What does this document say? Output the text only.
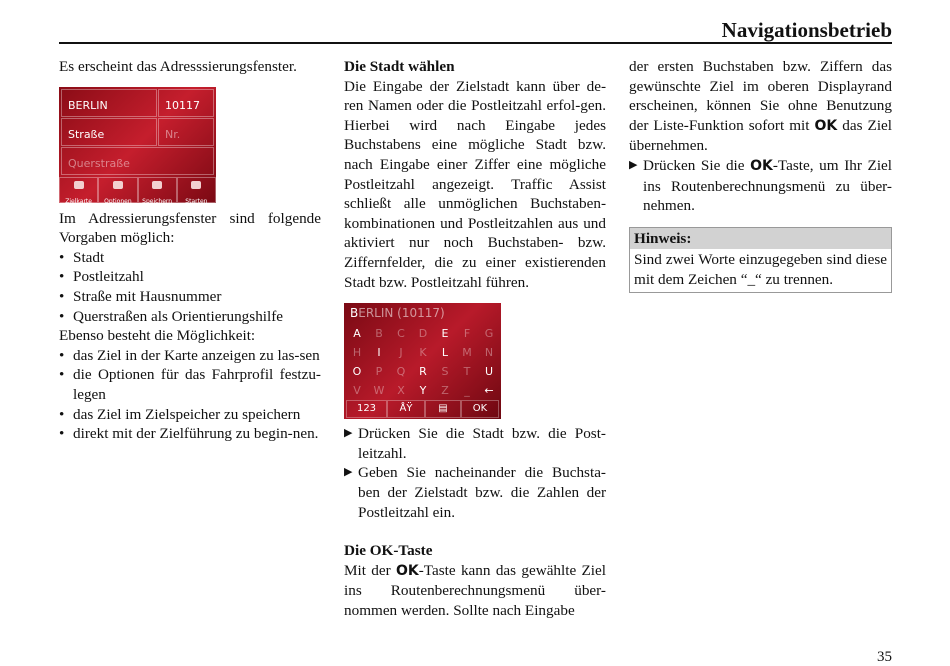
Navigationsbetrieb

Es erscheint das Adresssierungsfenster.

BERLIN	10117
Straße	Nr.
Querstraße
Zielkarte	Optionen	Speichern	Starten

Im Adressierungsfenster sind folgende Vorgaben möglich:

• Stadt
• Postleitzahl
• Straße mit Hausnummer
• Querstraßen als Orientierungshilfe

Ebenso besteht die Möglichkeit:

• das Ziel in der Karte anzeigen zu las-sen
• die Optionen für das Fahrprofil festzu-legen
• das Ziel im Zielspeicher zu speichern
• direkt mit der Zielführung zu begin-nen.
Die Stadt wählen

Die Eingabe der Zielstadt kann über de-ren Namen oder die Postleitzahl erfol-gen. Hierbei wird nach Eingabe jedes Buchstabens eine mögliche Stadt bzw. nach Eingabe einer Ziffer eine mögliche Postleitzahl angezeigt. Traffic Assist schließt alle unmöglichen Buchstaben-kombinationen und Postleitzahlen aus und aktiviert nur noch Buchstaben- bzw. Ziffernfelder, die zu einer existierenden Stadt bzw. Postleitzahl führen.

BERLIN (10117)
A	B	C	D	E	F	G
H	I	J	K	L	M	N
O	P	Q	R	S	T	U
V	W	X	Y	Z	_	←
123	ÅŸ	▤	OK
▶ Drücken Sie die Stadt bzw. die Post-leitzahl.
▶ Geben Sie nacheinander die Buchsta-ben der Zielstadt bzw. die Zahlen der Postleitzahl ein.
Die OK-Taste

Mit der OK-Taste kann das gewählte Ziel ins Routenberechnungsmenü über-nommen werden. Sollte nach Eingabe

der ersten Buchstaben bzw. Ziffern das gewünschte Ziel im oberen Displayrand erscheinen, können Sie ohne Benutzung der Liste-Funktion sofort mit OK das Ziel übernehmen.

▶ Drücken Sie die OK-Taste, um Ihr Ziel ins Routenberechnungsmenü zu über-nehmen.
Hinweis:
Sind zwei Worte einzugegeben sind diese mit dem Zeichen “_“ zu trennen.
35
